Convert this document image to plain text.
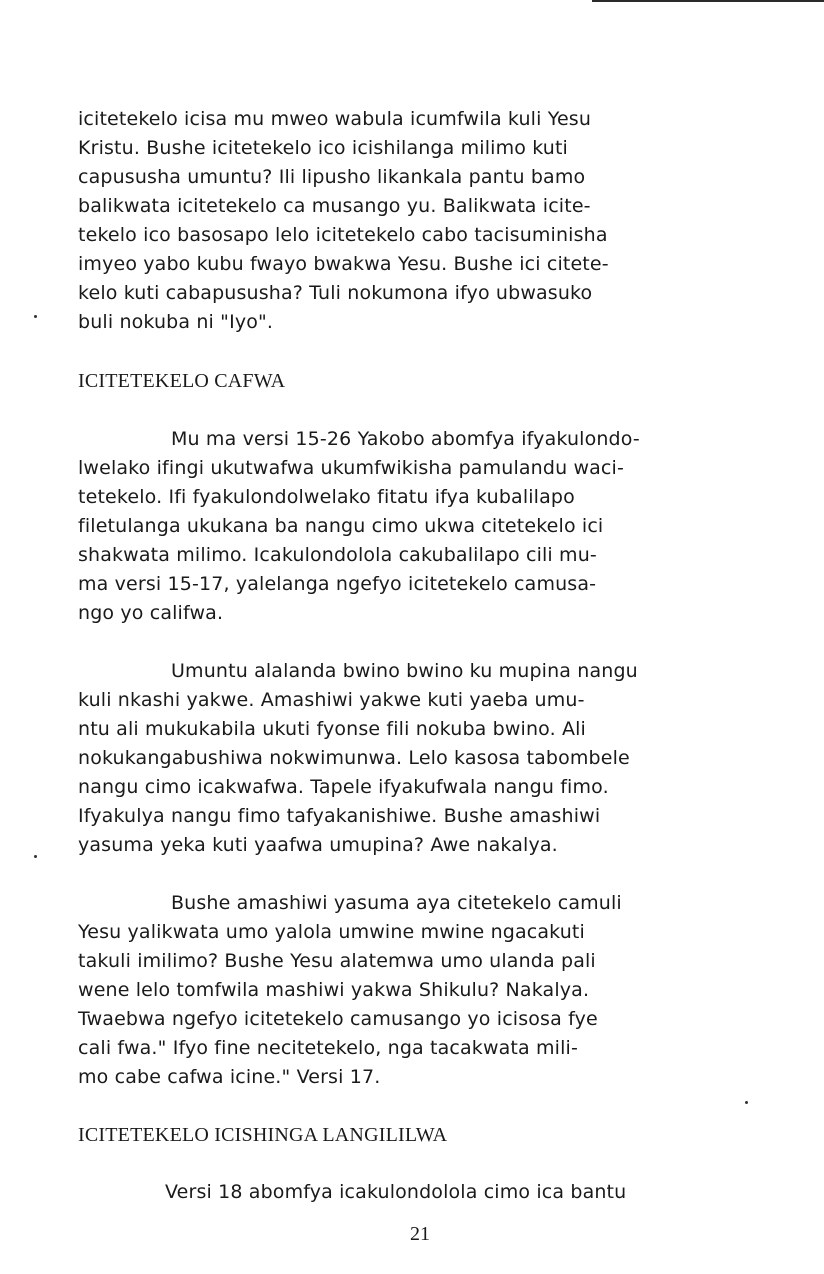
icitetekelo icisa mu mweo wabula icumfwila kuli Yesu
Kristu. Bushe icitetekelo ico icishilanga milimo kuti
capususha umuntu? Ili lipusho likankala pantu bamo
balikwata icitetekelo ca musango yu. Balikwata icite-
tekelo ico basosapo lelo icitetekelo cabo tacisuminisha
imyeo yabo kubu fwayo bwakwa Yesu. Bushe ici citete-
kelo kuti cabapususha? Tuli nokumona ifyo ubwasuko
buli nokuba ni "Iyo".
ICITETEKELO CAFWA
Mu ma versi 15-26 Yakobo abomfya ifyakulondo-
lwelako ifingi ukutwafwa ukumfwikisha pamulandu waci-
tetekelo. Ifi fyakulondolwelako fitatu ifya kubalilapo
filetulanga ukukana ba nangu cimo ukwa citetekelo ici
shakwata milimo. Icakulondolola cakubalilapo cili mu-
ma versi 15-17, yalelanga ngefyo icitetekelo camusa-
ngo yo califwa.
Umuntu alalanda bwino bwino ku mupina nangu
kuli nkashi yakwe. Amashiwi yakwe kuti yaeba umu-
ntu ali mukukabila ukuti fyonse fili nokuba bwino. Ali
nokukangabushiwa nokwimunwa. Lelo kasosa tabombele
nangu cimo icakwafwa. Tapele ifyakufwala nangu fimo.
Ifyakulya nangu fimo tafyakanishiwe. Bushe amashiwi
yasuma yeka kuti yaafwa umupina? Awe nakalya.
Bushe amashiwi yasuma aya citetekelo camuli
Yesu yalikwata umo yalola umwine mwine ngacakuti
takuli imilimo? Bushe Yesu alatemwa umo ulanda pali
wene lelo tomfwila mashiwi yakwa Shikulu? Nakalya.
Twaebwa ngefyo icitetekelo camusango yo icisosa fye
cali fwa." Ifyo fine necitetekelo, nga tacakwata mili-
mo cabe cafwa icine." Versi 17.
ICITETEKELO ICISHINGA LANGILILWA
Versi 18 abomfya icakulondolola cimo ica bantu
21
